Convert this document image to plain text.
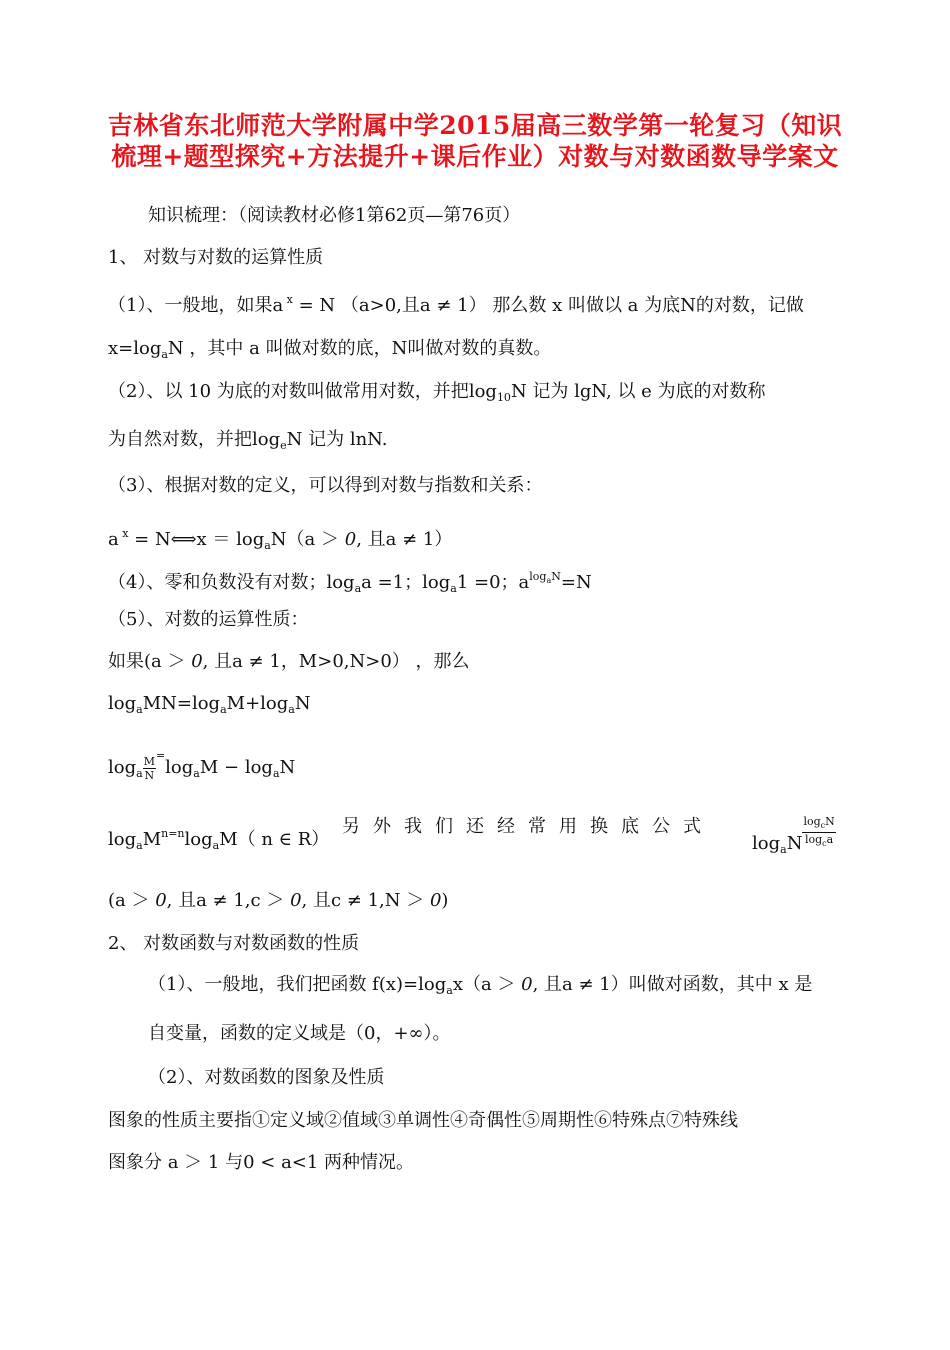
吉林省东北师范大学附属中学2015届高三数学第一轮复习（知识梳理+题型探究+方法提升+课后作业）对数与对数函数导学案文
知识梳理：（阅读教材必修1第62页—第76页）
1、 对数与对数的运算性质
（1）、一般地，如果a $^x$ = N （a>0,且a ≠ 1） 那么数 x 叫做以 a 为底N的对数，记做
$x=\log_aN$ ，其中 a 叫做对数的底，N叫做对数的真数。
（2）、以 10 为底的对数叫做常用对数，并把$\log_{10}N$ 记为 lgN, 以 e 为底的对数称
为自然对数，并把$\log_eN$ 记为 lnN.
（3）、根据对数的定义，可以得到对数与指数和关系：
a $^x$ = N⟺x ＝ $\log_aN(a > 0$, 且a ≠ 1）
（4）、零和负数没有对数；$\log_aa =1$；$\log_a1 =0$；$a^{log_aN}=N$
（5）、对数的运算性质：
如果(a ＞ 0, 且a ≠ 1，M>0,N>0） ，那么
$\log_aMN=\log_aM+\log_aN$
$\log_a \frac{M}{N} ^=\log_aM - \log_aN$
$\log_aM^{n=n}\log_aM$（ n ∈ R）
另外我们还经常用换底公式
$\log_aN \frac{\log_cN}{\log_ca}$
(a ＞ 0, 且a ≠ 1,c ＞ 0, 且c ≠ 1,N ＞ 0)
2、 对数函数与对数函数的性质
（1）、一般地，我们把函数 $f(x)=\log_ax(a > 0$, 且a ≠ 1）叫做对函数，其中 x 是
自变量，函数的定义域是（0，+∞）。
（2）、对数函数的图象及性质
图象的性质主要指①定义域②值域③单调性④奇偶性⑤周期性⑥特殊点⑦特殊线
图象分 a ＞ 1 与0 < a<1 两种情况。
